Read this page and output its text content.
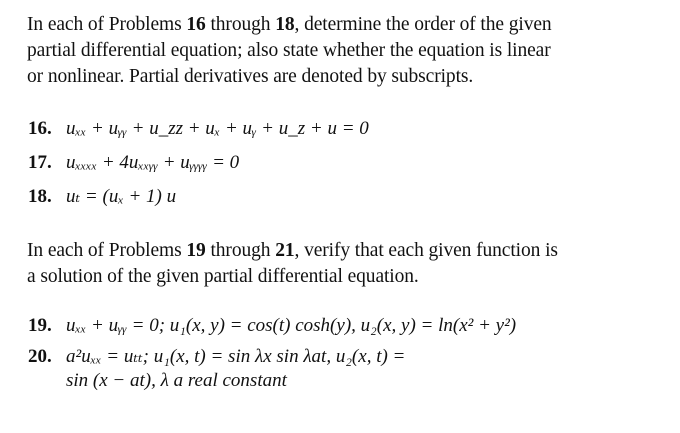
In each of Problems 16 through 18, determine the order of the given
partial differential equation; also state whether the equation is linear
or nonlinear. Partial derivatives are denoted by subscripts.
16. uₓₓ + uᵧᵧ + u_zz + uₓ + uᵧ + u_z + u = 0
17. uₓₓₓₓ + 4uₓₓᵧᵧ + uᵧᵧᵧᵧ = 0
18. uₜ = (uₓ + 1) u
In each of Problems 19 through 21, verify that each given function is
a solution of the given partial differential equation.
19. uₓₓ + uᵧᵧ = 0; u₁(x, y) = cos(t) cosh(y), u₂(x, y) = ln(x² + y²)
20. a²uₓₓ = uₜₜ; u₁(x, t) = sin λx sin λat, u₂(x, t) =
sin (x − at), λ a real constant
